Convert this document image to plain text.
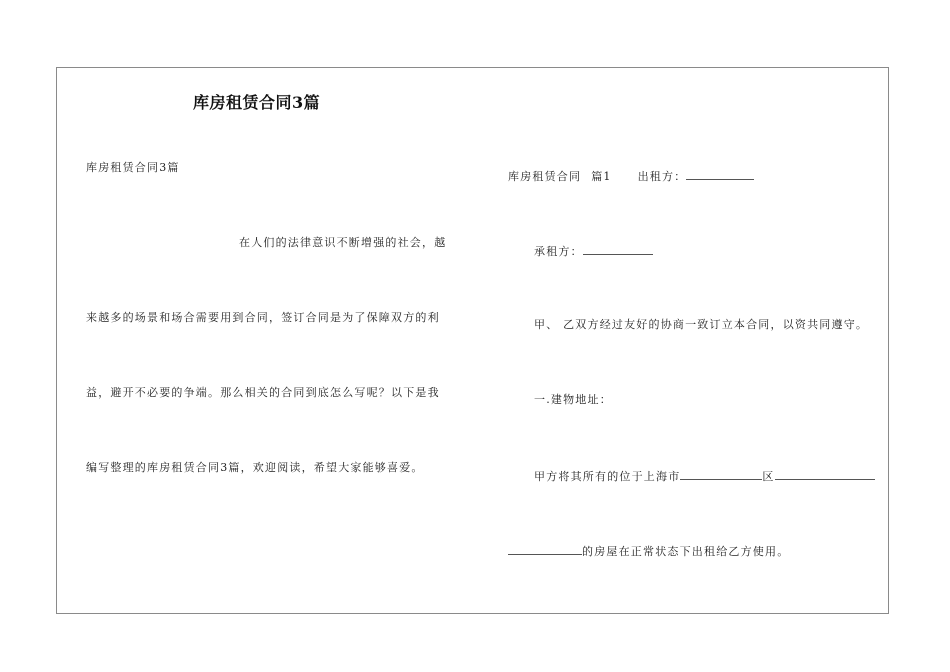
库房租赁合同3篇
库房租赁合同3篇
在人们的法律意识不断增强的社会，越
来越多的场景和场合需要用到合同，签订合同是为了保障双方的利
益，避开不必要的争端。那么相关的合同到底怎么写呢？以下是我
编写整理的库房租赁合同3篇，欢迎阅读，希望大家能够喜爱。
库房租赁合同 篇1 出租方：
承租方：
甲、 乙双方经过友好的协商一致订立本合同，以资共同遵守。
一.建物地址：
甲方将其所有的位于上海市	区
的房屋在正常状态下出租给乙方使用。
